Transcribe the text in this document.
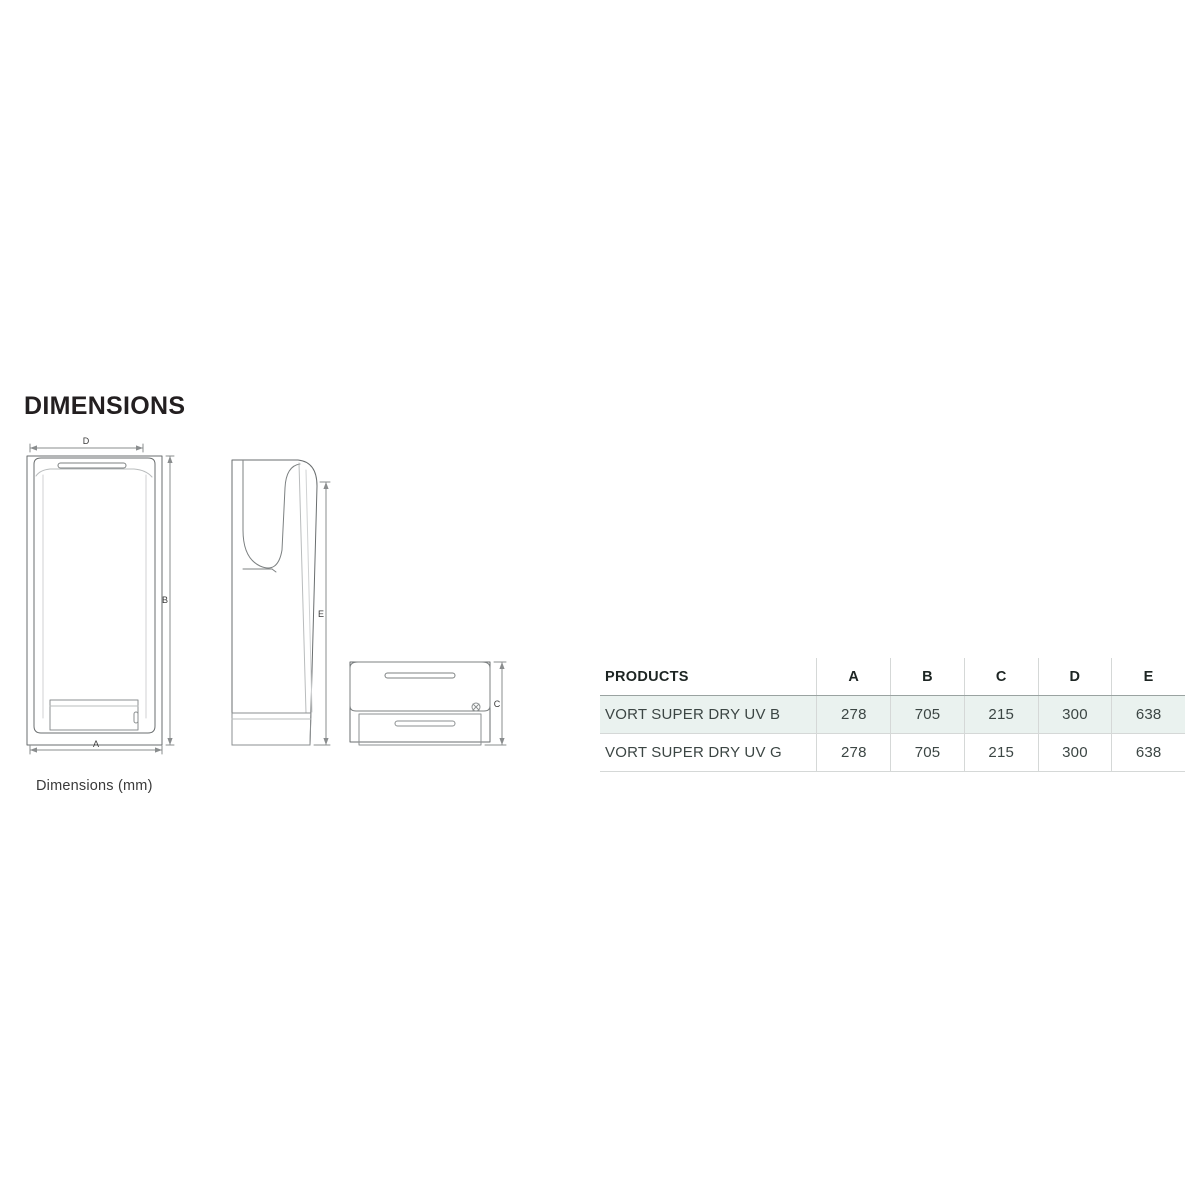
DIMENSIONS
D
B
A
E
C
Dimensions (mm)
PRODUCTS	A	B	C	D	E
VORT SUPER DRY UV B	278	705	215	300	638
VORT SUPER DRY UV G	278	705	215	300	638
